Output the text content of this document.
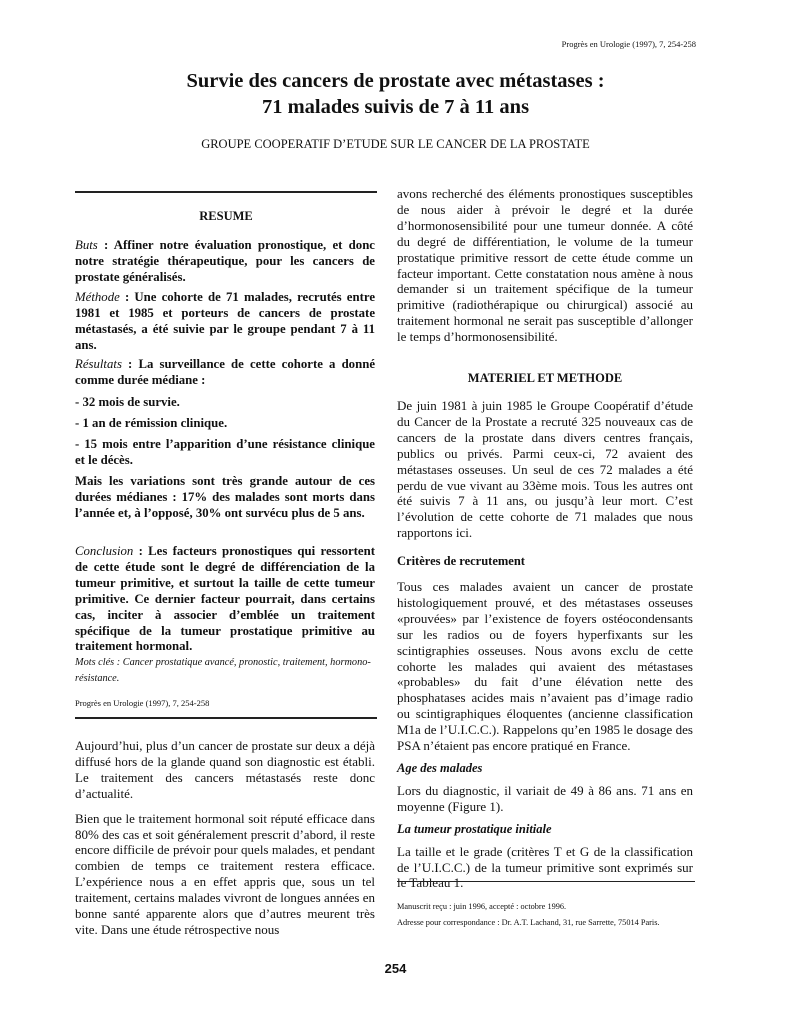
Progrès en Urologie (1997), 7, 254-258
Survie des cancers de prostate avec métastases :
71 malades suivis de 7 à 11 ans
GROUPE COOPERATIF D’ETUDE SUR LE CANCER DE LA PROSTATE
RESUME

Buts : Affiner notre évaluation pronostique, et donc notre stratégie thérapeutique, pour les cancers de prostate généralisés.

Méthode : Une cohorte de 71 malades, recrutés entre 1981 et 1985 et porteurs de cancers de prostate métastasés, a été suivie par le groupe pendant 7 à 11 ans.

Résultats : La surveillance de cette cohorte a donné comme durée médiane :

- 32 mois de survie.
- 1 an de rémission clinique.
- 15 mois entre l’apparition d’une résistance clinique et le décès.
Mais les variations sont très grande autour de ces durées médianes : 17% des malades sont morts dans l’année et, à l’opposé, 30% ont survécu plus de 5 ans.

Conclusion : Les facteurs pronostiques qui ressortent de cette étude sont le degré de différenciation de la tumeur primitive, et surtout la taille de cette tumeur primitive. Ce dernier facteur pourrait, dans certains cas, inciter à associer d’emblée un traitement spécifique de la tumeur prostatique primitive au traitement hormonal.

Mots clés : Cancer prostatique avancé, pronostic, traitement, hormono-résistance.
Progrès en Urologie (1997), 7, 254-258

Aujourd’hui, plus d’un cancer de prostate sur deux a déjà diffusé hors de la glande quand son diagnostic est établi. Le traitement des cancers métastasés reste donc d’actualité.

Bien que le traitement hormonal soit réputé efficace dans 80% des cas et soit généralement prescrit d’abord, il reste encore difficile de prévoir pour quels malades, et pendant combien de temps ce traitement restera efficace. L’expérience nous a en effet appris que, sous un tel traitement, certains malades vivront de longues années en bonne santé apparente alors que d’autres meurent très vite. Dans une étude rétrospective nous

avons recherché des éléments pronostiques susceptibles de nous aider à prévoir le degré et la durée d’hormonosensibilité pour une tumeur donnée. A côté du degré de différentiation, le volume de la tumeur prostatique primitive ressort de cette étude comme un facteur important. Cette constatation nous amène à nous demander si un traitement spécifique de la tumeur primitive (radiothérapique ou chirurgical) associé au traitement hormonal ne serait pas susceptible d’allonger le temps d’hormonosensibilité.

MATERIEL ET METHODE

De juin 1981 à juin 1985 le Groupe Coopératif d’étude du Cancer de la Prostate a recruté 325 nouveaux cas de cancers de la prostate dans divers centres français, publics ou privés. Parmi ceux-ci, 72 avaient des métastases osseuses. Un seul de ces 72 malades a été perdu de vue vivant au 33ème mois. Tous les autres ont été suivis 7 à 11 ans, ou jusqu’à leur mort. C’est l’évolution de cette cohorte de 71 malades que nous rapportons ici.

Critères de recrutement

Tous ces malades avaient un cancer de prostate histologiquement prouvé, et des métastases osseuses «prouvées» par l’existence de foyers ostéocondensants sur les radios ou de foyers hyperfixants sur les scintigraphies osseuses. Nous avons exclu de cette cohorte les malades qui avaient des métastases «probables» du fait d’une élévation nette des phosphatases acides mais n’avaient pas d’image radio ou scintigraphiques éloquentes (ancienne classification M1a de l’U.I.C.C.). Rappelons qu’en 1985 le dosage des PSA n’étaient pas encore pratiqué en France.

Age des malades

Lors du diagnostic, il variait de 49 à 86 ans. 71 ans en moyenne (Figure 1).

La tumeur prostatique initiale

La taille et le grade (critères T et G de la classification de l’U.I.C.C.) de la tumeur primitive sont exprimés sur le Tableau 1.

Manuscrit reçu : juin 1996, accepté : octobre 1996.
Adresse pour correspondance : Dr. A.T. Lachand, 31, rue Sarrette, 75014 Paris.
254
